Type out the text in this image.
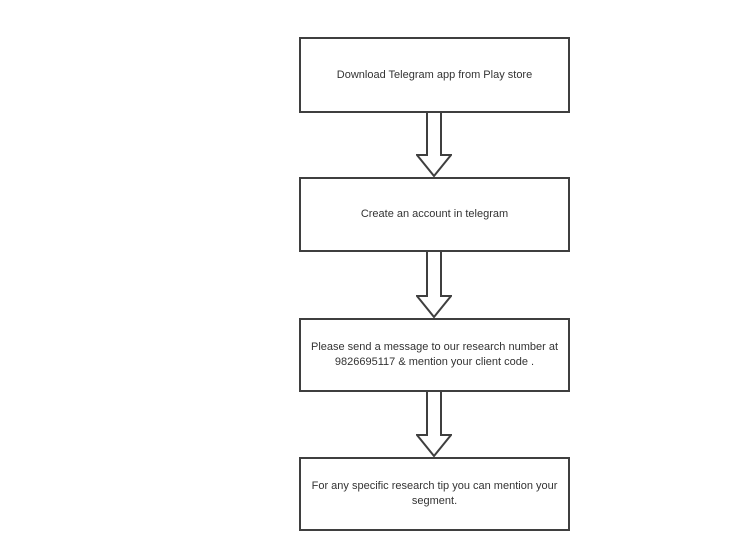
Download Telegram app from Play store
Create an account in telegram
Please send a message to our research number at 9826695117 & mention your client code .
For any specific research tip you can mention your segment.
